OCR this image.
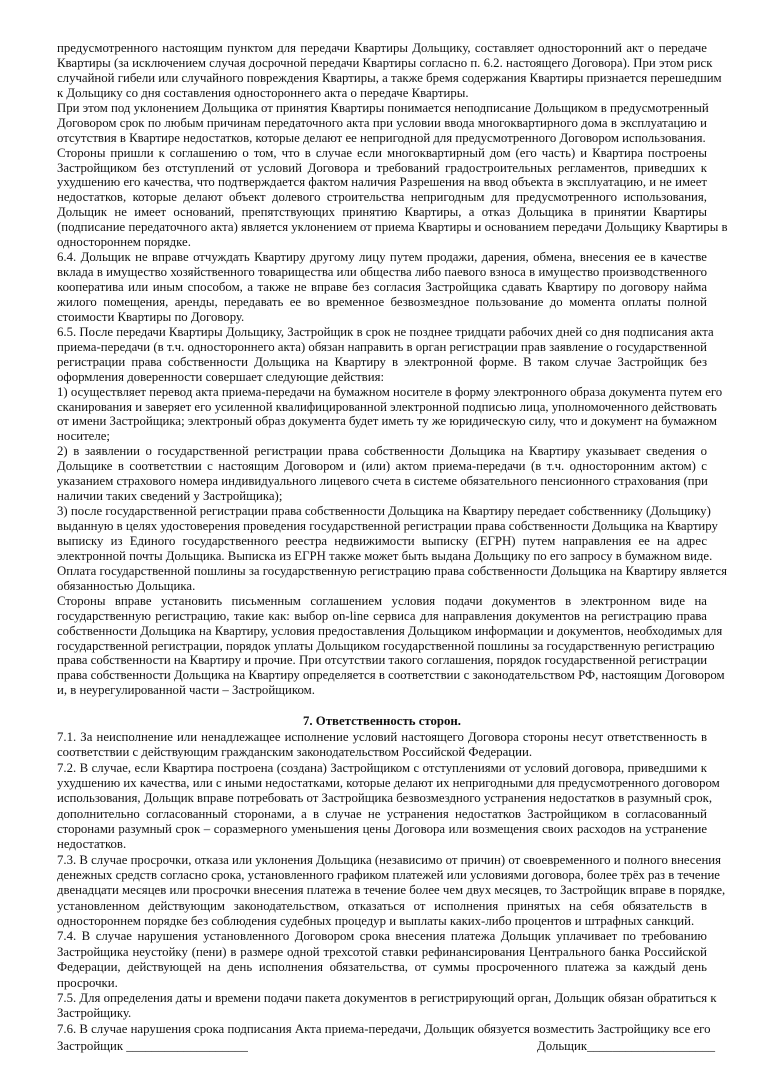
предусмотренного настоящим пунктом для передачи Квартиры Дольщику, составляет односторонний акт о передаче
Квартиры (за исключением случая досрочной передачи Квартиры согласно п. 6.2. настоящего Договора). При этом риск
случайной гибели или случайного повреждения Квартиры, а также бремя содержания Квартиры признается перешедшим
к Дольщику со дня составления одностороннего акта о передаче Квартиры.
При этом под уклонением Дольщика от принятия Квартиры понимается неподписание Дольщиком в предусмотренный
Договором срок по любым причинам передаточного акта при условии ввода многоквартирного дома в эксплуатацию и
отсутствия в Квартире недостатков, которые делают ее непригодной для предусмотренного Договором использования.
Стороны пришли к соглашению о том, что в случае если многоквартирный дом (его часть) и Квартира построены
Застройщиком без отступлений от условий Договора и требований градостроительных регламентов, приведших к
ухудшению его качества, что подтверждается фактом наличия Разрешения на ввод объекта в эксплуатацию, и не имеет
недостатков, которые делают объект долевого строительства непригодным для предусмотренного использования,
Дольщик не имеет оснований, препятствующих принятию Квартиры, а отказ Дольщика в принятии Квартиры
(подписание передаточного акта) является уклонением от приема Квартиры и основанием передачи Дольщику Квартиры в
одностороннем порядке.
6.4. Дольщик не вправе отчуждать Квартиру другому лицу путем продажи, дарения, обмена, внесения ее в качестве
вклада в имущество хозяйственного товарищества или общества либо паевого взноса в имущество производственного
кооператива или иным способом, а также не вправе без согласия Застройщика сдавать Квартиру по договору найма
жилого помещения, аренды, передавать ее во временное безвозмездное пользование до момента оплаты полной
стоимости Квартиры по Договору.
6.5. После передачи Квартиры Дольщику, Застройщик в срок не позднее тридцати рабочих дней со дня подписания акта
приема-передачи (в т.ч. одностороннего акта) обязан направить в орган регистрации прав заявление о государственной
регистрации права собственности Дольщика на Квартиру в электронной форме. В таком случае Застройщик без
оформления доверенности совершает следующие действия:
1) осуществляет перевод акта приема-передачи на бумажном носителе в форму электронного образа документа путем его
сканирования и заверяет его усиленной квалифицированной электронной подписью лица, уполномоченного действовать
от имени Застройщика; электроный образ документа будет иметь ту же юридическую силу, что и документ на бумажном
носителе;
2) в заявлении о государственной регистрации права собственности Дольщика на Квартиру указывает сведения о
Дольщике в соответствии с настоящим Договором и (или) актом приема-передачи (в т.ч. односторонним актом) с
указанием страхового номера индивидуального лицевого счета в системе обязательного пенсионного страхования (при
наличии таких сведений у Застройщика);
3) после государственной регистрации права собственности Дольщика на Квартиру передает собственнику (Дольщику)
выданную в целях удостоверения проведения государственной регистрации права собственности Дольщика на Квартиру
выписку из Единого государственного реестра недвижимости выписку (ЕГРН) путем направления ее на адрес
электронной почты Дольщика. Выписка из ЕГРН также может быть выдана Дольщику по его запросу в бумажном виде.
Оплата государственной пошлины за государственную регистрацию права собственности Дольщика на Квартиру является
обязанностью Дольщика.
Стороны вправе установить письменным соглашением условия подачи документов в электронном виде на
государственную регистрацию, такие как: выбор on-line сервиса для направления документов на регистрацию права
собственности Дольщика на Квартиру, условия предоставления Дольщиком информации и документов, необходимых для
государственной регистрации, порядок уплаты Дольщиком государственной пошлины за государственную регистрацию
права собственности на Квартиру и прочие. При отсутствии такого соглашения, порядок государственной регистрации
права собственности Дольщика на Квартиру определяется в соответствии с законодательством РФ, настоящим Договором
и, в неурегулированной части – Застройщиком.
7. Ответственность сторон.
7.1. За неисполнение или ненадлежащее исполнение условий настоящего Договора стороны несут ответственность в
соответствии с действующим гражданским законодательством Российской Федерации.
7.2. В случае, если Квартира построена (создана) Застройщиком с отступлениями от условий договора, приведшими к
ухудшению их качества, или с иными недостатками, которые делают их непригодными для предусмотренного договором
использования, Дольщик вправе потребовать от Застройщика безвозмездного устранения недостатков в разумный срок,
дополнительно согласованный сторонами, а в случае не устранения недостатков Застройщиком в согласованный
сторонами разумный срок – соразмерного уменьшения цены Договора или возмещения своих расходов на устранение
недостатков.
7.3. В случае просрочки, отказа или уклонения Дольщика (независимо от причин) от своевременного и полного внесения
денежных средств согласно срока, установленного графиком платежей или условиями договора, более трёх раз в течение
двенадцати месяцев или просрочки внесения платежа в течение более чем двух месяцев, то Застройщик вправе в порядке,
установленном действующим законодательством, отказаться от исполнения принятых на себя обязательств в
одностороннем порядке без соблюдения судебных процедур и выплаты каких-либо процентов и штрафных санкций.
7.4. В случае нарушения установленного Договором срока внесения платежа Дольщик уплачивает по требованию
Застройщика неустойку (пени) в размере одной трехсотой ставки рефинансирования Центрального банка Российской
Федерации, действующей на день исполнения обязательства, от суммы просроченного платежа за каждый день
просрочки.
7.5. Для определения даты и времени подачи пакета документов в регистрирующий орган, Дольщик обязан обратиться к
Застройщику.
7.6. В случае нарушения срока подписания Акта приема-передачи, Дольщик обязуется возместить Застройщику все его
Застройщик ___________________	Дольщик____________________
